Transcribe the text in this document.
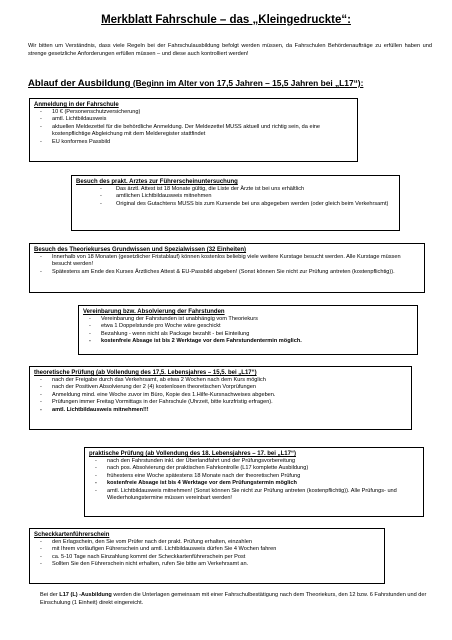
Merkblatt Fahrschule – das „Kleingedruckte“:
Wir bitten um Verständnis, dass viele Regeln bei der Fahrschulausbildung befolgt werden müssen, da Fahrschulen Behördenaufträge zu erfüllen haben und strenge gesetzliche Anforderungen erfüllen müssen – und diese auch kontrolliert werden!
Ablauf der Ausbildung (Beginn im Alter von 17,5 Jahren – 15,5 Jahren bei „L17“):
Anmeldung in der Fahrschule
- 10 € (Personenschutzversicherung)
- amtl. Lichtbildausweis
- aktuellen Meldezettel für die behördliche Anmeldung. Der Meldezettel MUSS aktuell und richtig sein, da eine kostenpflichtige Abgleichung mit dem Melderegister stattfindet
- EU konformes Passbild
Besuch des prakt. Arztes zur Führerscheinuntersuchung
- Das ärztl. Attest ist 18 Monate gültig, die Liste der Ärzte ist bei uns erhältlich
- amtlichen Lichtbildausweis mitnehmen
- Original des Gutachtens MUSS bis zum Kursende bei uns abgegeben werden (oder gleich beim Verkehrsamt)
Besuch des Theoriekurses Grundwissen und Spezialwissen (32 Einheiten)
- Innerhalb von 18 Monaten (gesetzlicher Fristablauf) können kostenlos beliebig viele weitere Kurstage besucht werden. Alle Kurstage müssen besucht werden!
- Spätestens am Ende des Kurses Ärztliches Attest & EU-Passbild abgeben! (Sonst können Sie nicht zur Prüfung antreten (kostenpflichtig)).
Vereinbarung bzw. Absolvierung der Fahrstunden
- Vereinbarung der Fahrstunden ist unabhängig vom Theoriekurs
- etwa 1 Doppelstunde pro Woche wäre geschickt
- Bezahlung - wenn nicht als Package bezahlt - bei Einteilung
- kostenfreie Absage ist bis 2 Werktage vor dem Fahrstundentermin möglich.
theoretische Prüfung (ab Vollendung des 17,5. Lebensjahres – 15,5. bei „L17“)
- nach der Freigabe durch das Verkehrsamt, ab etwa 2 Wochen nach dem Kurs möglich
- nach der Positiven Absolvierung der 2 (4) kostenlosen theoretischen Vorprüfungen
- Anmeldung mind. eine Woche zuvor im Büro, Kopie des 1.Hilfe-Kursnachweises abgeben.
- Prüfungen immer Freitag Vormittags in der Fahrschule (Uhrzeit, bitte kurzfristig erfragen).
- amtl. Lichtbildausweis mitnehmen!!!
praktische Prüfung (ab Vollendung des 18. Lebensjahres – 17. bei „L17“)
- nach den Fahrstunden inkl. der Überlandfahrt und der Prüfungsvorbereitung
- nach pos. Absolvierung der praktischen Fahrkontrolle (L17 komplette Ausbildung)
- frühestens eine Woche spätestens 18 Monate nach der theoretischen Prüfung
- kostenfreie Absage ist bis 4 Werktage vor dem Prüfungstermin möglich
- amtl. Lichtbildausweis mitnehmen! (Sonst können Sie nicht zur Prüfung antreten (kostenpflichtig)). Alle Prüfungs- und Wiederholungstermine müssen vereinbart werden!
Scheckkartenführerschein
- den Erlagschein, den Sie vom Prüfer nach der prakt. Prüfung erhalten, einzahlen
- mit Ihrem vorläufigen Führerschein und amtl. Lichtbildausweis dürfen Sie 4 Wochen fahren
- ca. 5-10 Tage nach Einzahlung kommt der Scheckkartenführerschein per Post
- Sollten Sie den Führerschein nicht erhalten, rufen Sie bitte am Verkehrsamt an.
Bei der L17 (L) -Ausbildung werden die Unterlagen gemeinsam mit einer Fahrschulbestätigung nach dem Theoriekurs, den 12 bzw. 6 Fahrstunden und der Einschulung (1 Einheit) direkt eingereicht.
